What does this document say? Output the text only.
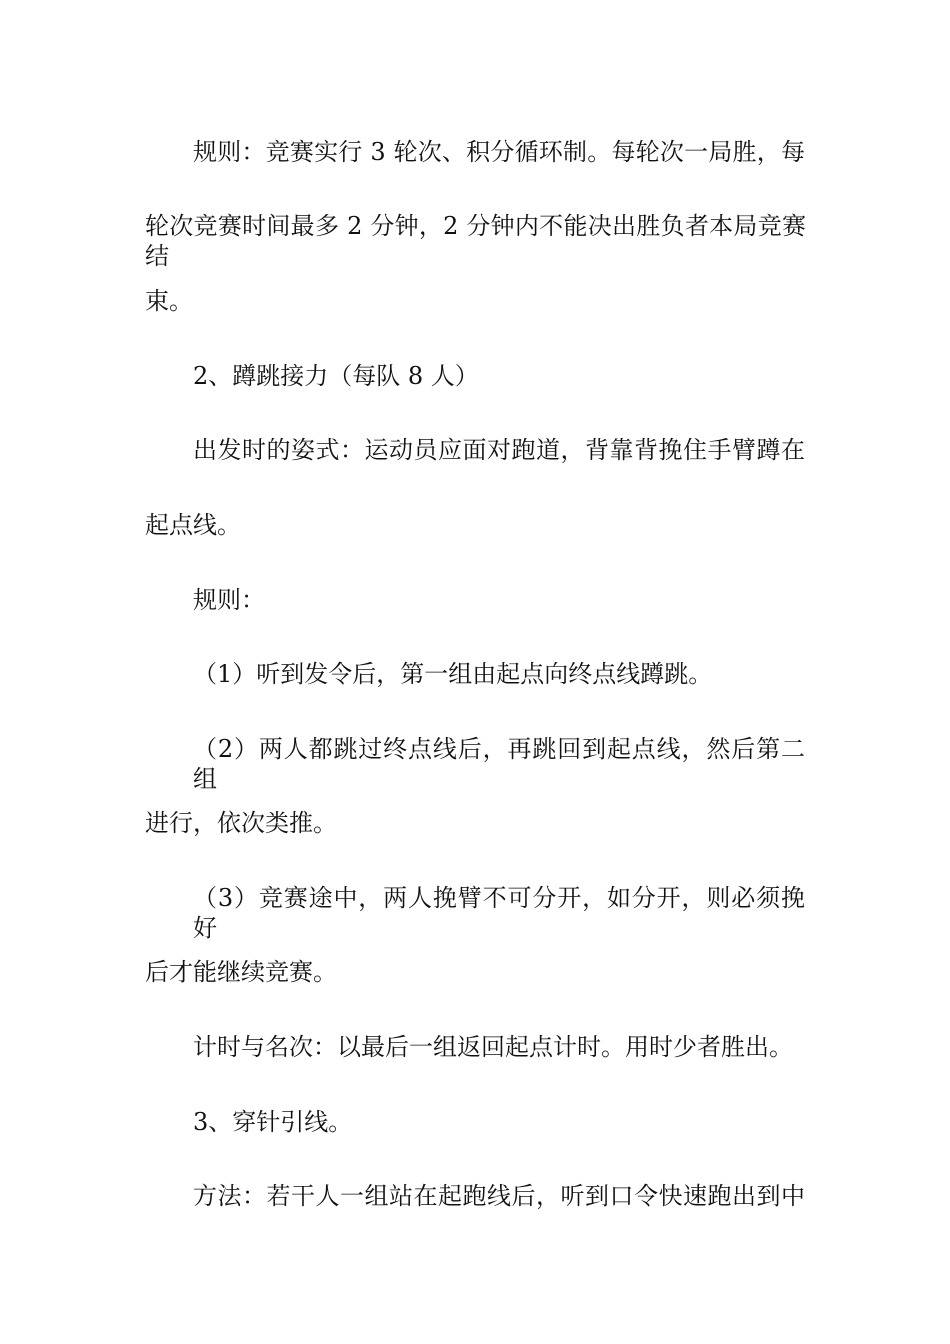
规则：竞赛实行 3 轮次、积分循环制。每轮次一局胜，每
轮次竞赛时间最多 2 分钟，2 分钟内不能决出胜负者本局竞赛结
束。
2、蹲跳接力（每队 8 人）
出发时的姿式：运动员应面对跑道，背靠背挽住手臂蹲在
起点线。
规则：
（1）听到发令后，第一组由起点向终点线蹲跳。
（2）两人都跳过终点线后，再跳回到起点线，然后第二组
进行，依次类推。
（3）竞赛途中，两人挽臂不可分开，如分开，则必须挽好
后才能继续竞赛。
计时与名次：以最后一组返回起点计时。用时少者胜出。
3、穿针引线。
方法：若干人一组站在起跑线后，听到口令快速跑出到中
